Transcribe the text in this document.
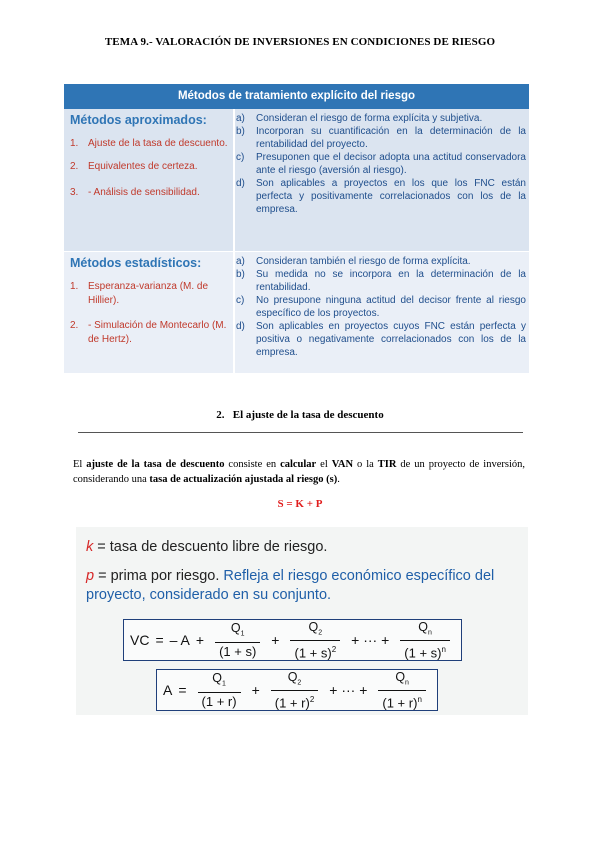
TEMA 9.- VALORACIÓN DE INVERSIONES EN CONDICIONES DE RIESGO
Métodos de tratamiento explícito del riesgo
Métodos aproximados:
1. Ajuste de la tasa de descuento.
2. Equivalentes de certeza.
3. - Análisis de sensibilidad.
a)	Consideran el riesgo de forma explícita y subjetiva.
b)	Incorporan su cuantificación en la determinación de la rentabilidad del proyecto.
c)	Presuponen que el decisor adopta una actitud conservadora ante el riesgo (aversión al riesgo).
d)	Son aplicables a proyectos en los que los FNC están perfecta y positivamente correlacionados con los de la empresa.
Métodos estadísticos:
1. Esperanza-varianza (M. de Hillier).
2. - Simulación de Montecarlo (M. de Hertz).
a)	Consideran también el riesgo de forma explícita.
b)	Su medida no se incorpora en la determinación de la rentabilidad.
c)	No presupone ninguna actitud del decisor frente al riesgo específico de los proyectos.
d)	Son aplicables en proyectos cuyos FNC están perfecta y positiva o negativamente correlacionados con los de la empresa.
2. El ajuste de la tasa de descuento
El ajuste de la tasa de descuento consiste en calcular el VAN o la TIR de un proyecto de inversión, considerando una tasa de actualización ajustada al riesgo (s).
S = K + P
k = tasa de descuento libre de riesgo.
p = prima por riesgo. Refleja el riesgo económico específico del proyecto, considerado en su conjunto.
VC = – $A + \frac{Q_1}{(1 + s)} + \frac{Q_2}{(1 + s)^2}$ + ··· + $\frac{Q_n}{(1 + s)^n}$
$A = \frac{Q_1}{(1 + r)} + \frac{Q_2}{(1 + r)^2}$ + ··· + $\frac{Q_n}{(1 + r)^n}$
